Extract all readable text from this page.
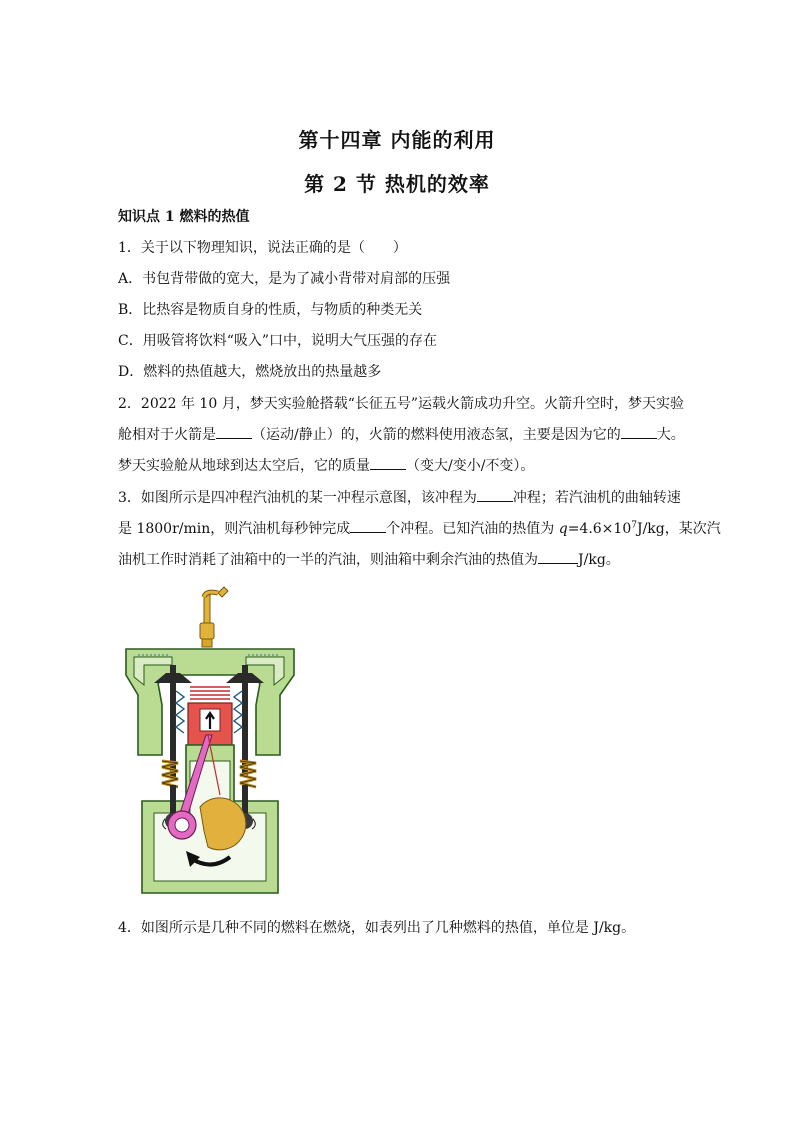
第十四章 内能的利用
第 2 节 热机的效率
知识点 1 燃料的热值
1．关于以下物理知识，说法正确的是（　　）
A．书包背带做的宽大，是为了减小背带对肩部的压强
B．比热容是物质自身的性质，与物质的种类无关
C．用吸管将饮料“吸入”口中，说明大气压强的存在
D．燃料的热值越大，燃烧放出的热量越多
2．2022 年 10 月，梦天实验舱搭载“长征五号”运载火箭成功升空。火箭升空时，梦天实验
舱相对于火箭是	（运动/静止）的，火箭的燃料使用液态氢，主要是因为它的	大。
梦天实验舱从地球到达太空后，它的质量	（变大/变小/不变）。
3．如图所示是四冲程汽油机的某一冲程示意图，该冲程为	冲程；若汽油机的曲轴转速
是 1800r/min，则汽油机每秒钟完成	个冲程。已知汽油的热值为 $q=4.6\times 10^7J/kg$，某次汽
油机工作时消耗了油箱中的一半的汽油，则油箱中剩余汽油的热值为	J/kg。
4．如图所示是几种不同的燃料在燃烧，如表列出了几种燃料的热值，单位是 J/kg。
